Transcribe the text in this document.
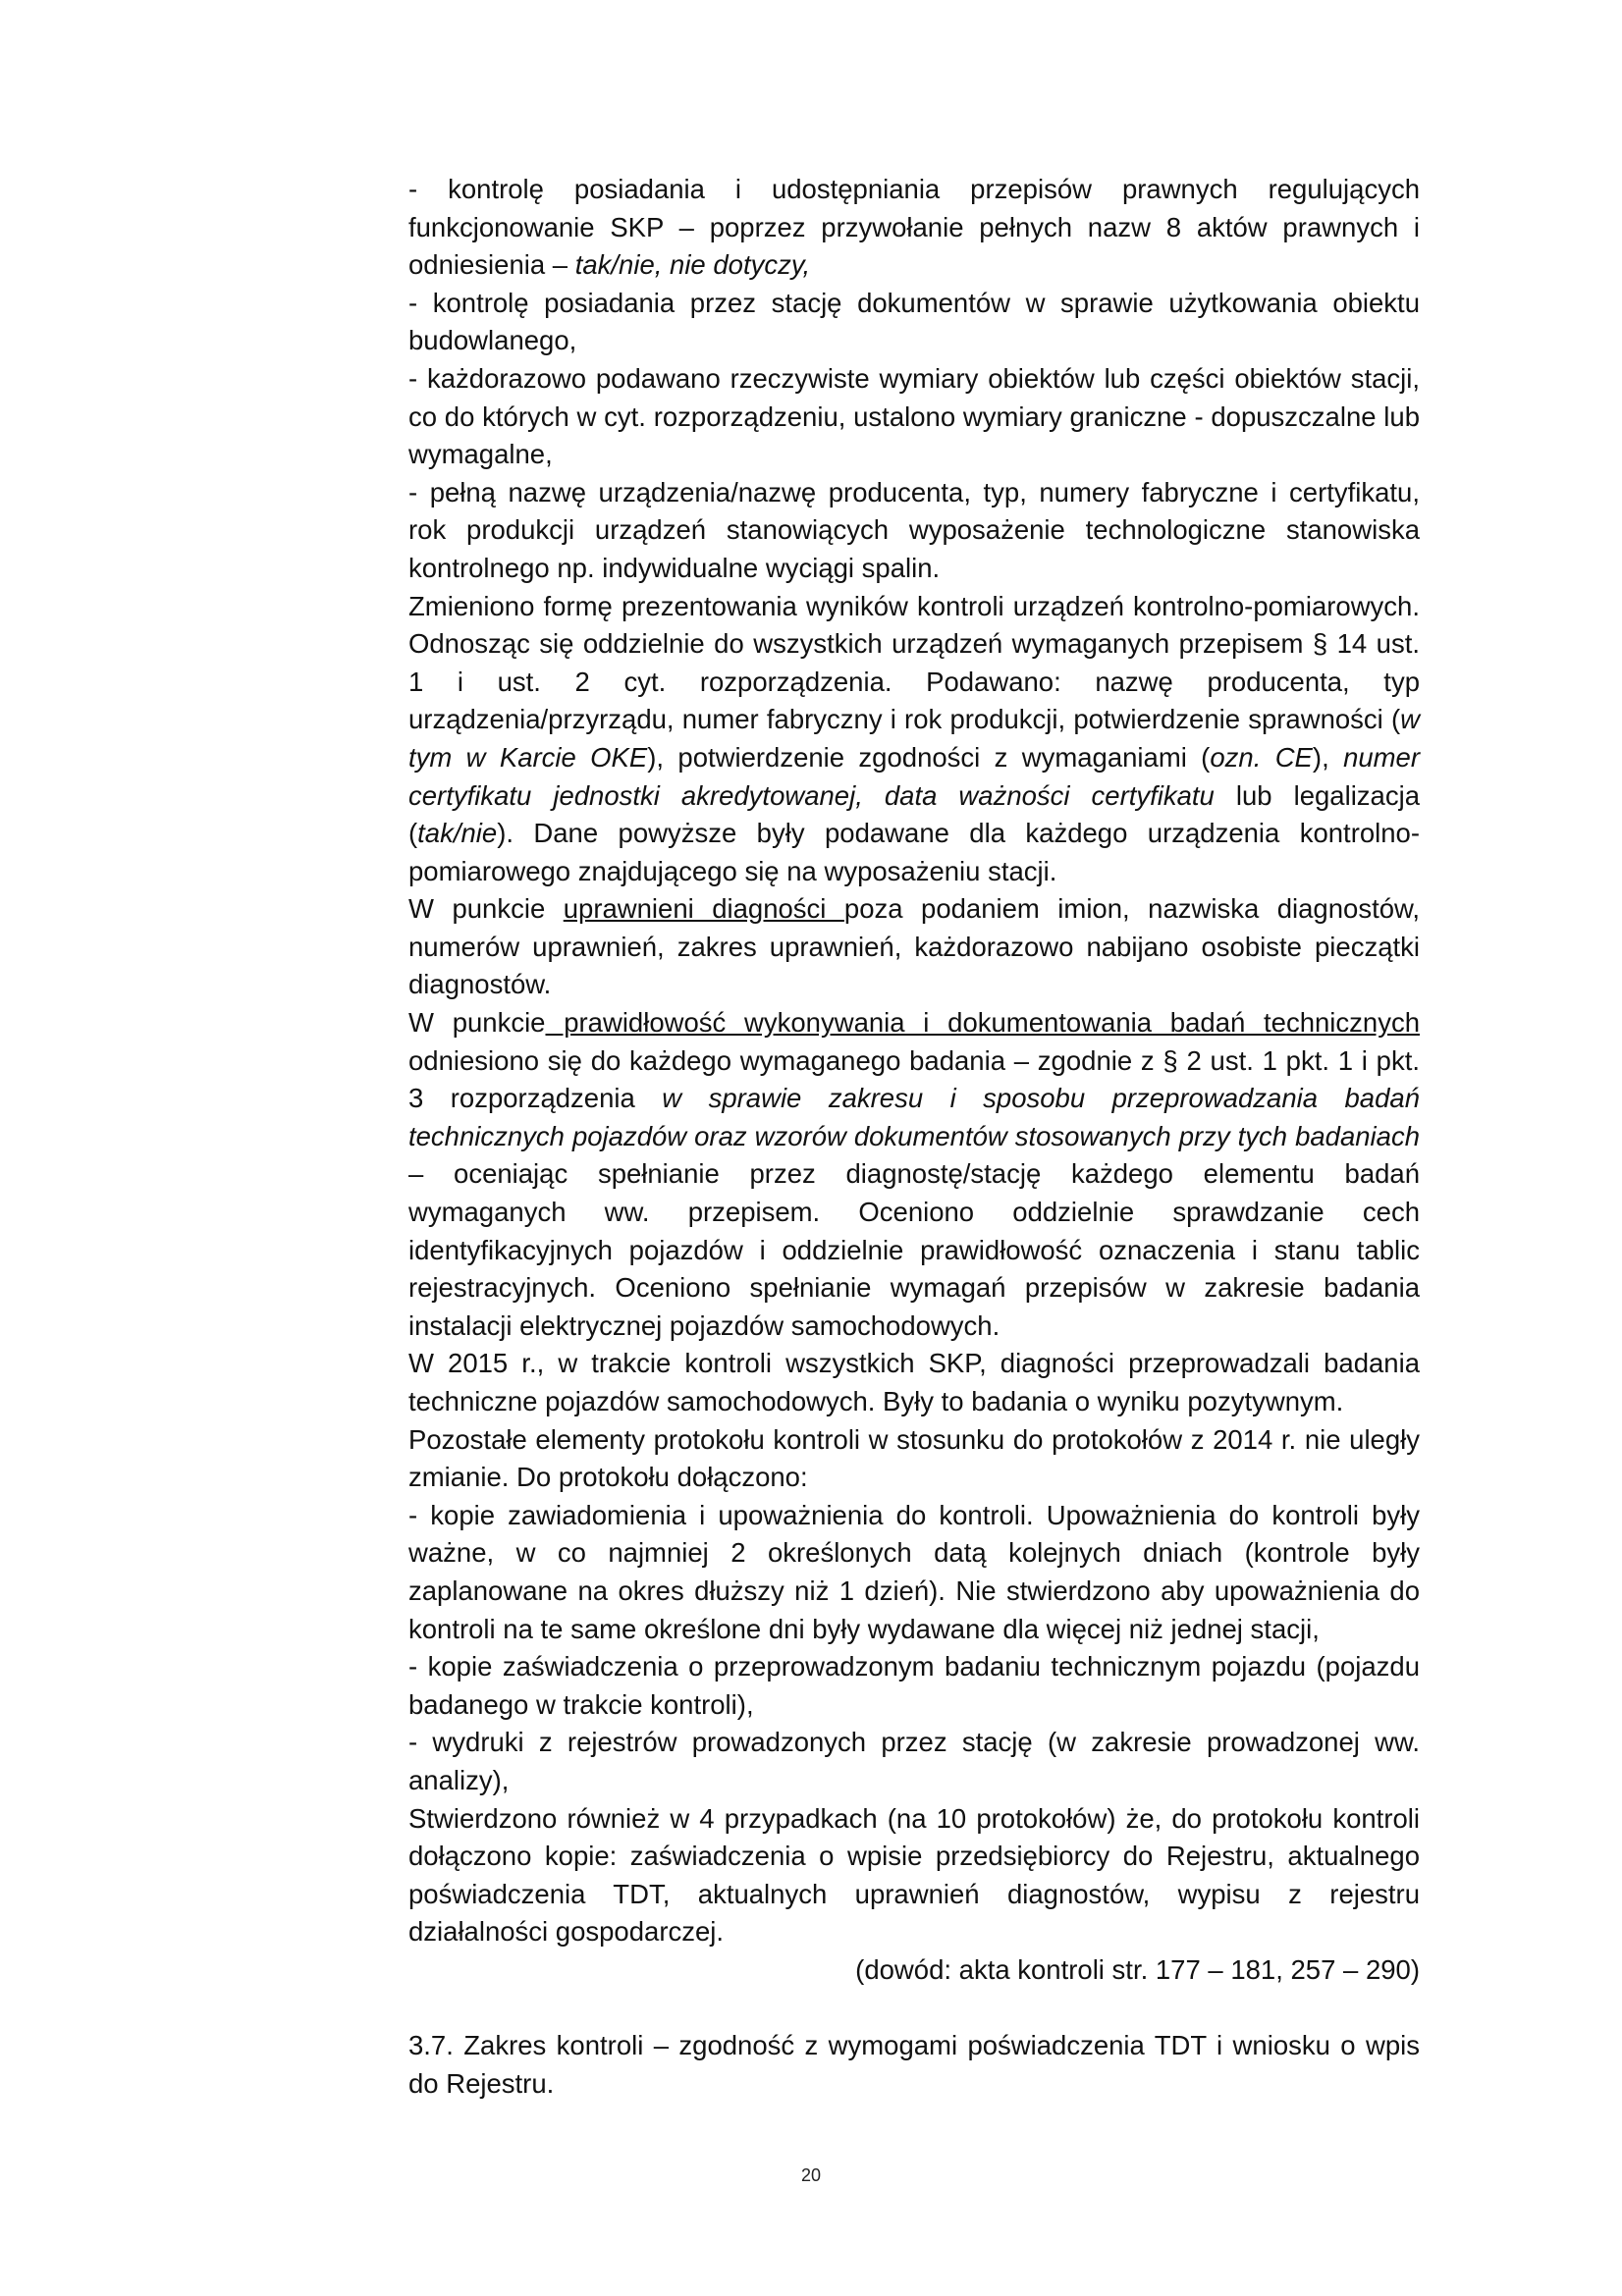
- kontrolę posiadania i udostępniania przepisów prawnych regulujących funkcjonowanie SKP – poprzez przywołanie pełnych nazw 8 aktów prawnych i odniesienia – tak/nie, nie dotyczy,

- kontrolę posiadania przez stację dokumentów w sprawie użytkowania obiektu budowlanego,

- każdorazowo podawano rzeczywiste wymiary obiektów lub części obiektów stacji, co do których w cyt. rozporządzeniu, ustalono wymiary graniczne - dopuszczalne lub wymagalne,

- pełną nazwę urządzenia/nazwę producenta, typ, numery fabryczne i certyfikatu, rok produkcji urządzeń stanowiących wyposażenie technologiczne stanowiska kontrolnego np. indywidualne wyciągi spalin.

Zmieniono formę prezentowania wyników kontroli urządzeń kontrolno-pomiarowych. Odnosząc się oddzielnie do wszystkich urządzeń wymaganych przepisem § 14 ust. 1 i ust. 2 cyt. rozporządzenia. Podawano: nazwę producenta, typ urządzenia/przyrządu, numer fabryczny i rok produkcji, potwierdzenie sprawności (w tym w Karcie OKE), potwierdzenie zgodności z wymaganiami (ozn. CE), numer certyfikatu jednostki akredytowanej, data ważności certyfikatu lub legalizacja (tak/nie). Dane powyższe były podawane dla każdego urządzenia kontrolno-pomiarowego znajdującego się na wyposażeniu stacji.

W punkcie uprawnieni diagności poza podaniem imion, nazwiska diagnostów, numerów uprawnień, zakres uprawnień, każdorazowo nabijano osobiste pieczątki diagnostów.

W punkcie prawidłowość wykonywania i dokumentowania badań technicznych odniesiono się do każdego wymaganego badania – zgodnie z § 2 ust. 1 pkt. 1 i pkt. 3 rozporządzenia w sprawie zakresu i sposobu przeprowadzania badań technicznych pojazdów oraz wzorów dokumentów stosowanych przy tych badaniach – oceniając spełnianie przez diagnostę/stację każdego elementu badań wymaganych ww. przepisem. Oceniono oddzielnie sprawdzanie cech identyfikacyjnych pojazdów i oddzielnie prawidłowość oznaczenia i stanu tablic rejestracyjnych. Oceniono spełnianie wymagań przepisów w zakresie badania instalacji elektrycznej pojazdów samochodowych.

W 2015 r., w trakcie kontroli wszystkich SKP, diagności przeprowadzali badania techniczne pojazdów samochodowych. Były to badania o wyniku pozytywnym.

Pozostałe elementy protokołu kontroli w stosunku do protokołów z 2014 r. nie uległy zmianie. Do protokołu dołączono:

- kopie zawiadomienia i upoważnienia do kontroli. Upoważnienia do kontroli były ważne, w co najmniej 2 określonych datą kolejnych dniach (kontrole były zaplanowane na okres dłuższy niż 1 dzień). Nie stwierdzono aby upoważnienia do kontroli na te same określone dni były wydawane dla więcej niż jednej stacji,

- kopie zaświadczenia o przeprowadzonym badaniu technicznym pojazdu (pojazdu badanego w trakcie kontroli),

- wydruki z rejestrów prowadzonych przez stację (w zakresie prowadzonej ww. analizy),

Stwierdzono również w 4 przypadkach (na 10 protokołów) że, do protokołu kontroli dołączono kopie: zaświadczenia o wpisie przedsiębiorcy do Rejestru, aktualnego poświadczenia TDT, aktualnych uprawnień diagnostów, wypisu z rejestru działalności gospodarczej.

(dowód: akta kontroli str. 177 – 181, 257 – 290)

3.7. Zakres kontroli – zgodność z wymogami poświadczenia TDT i wniosku o wpis do Rejestru.

20
